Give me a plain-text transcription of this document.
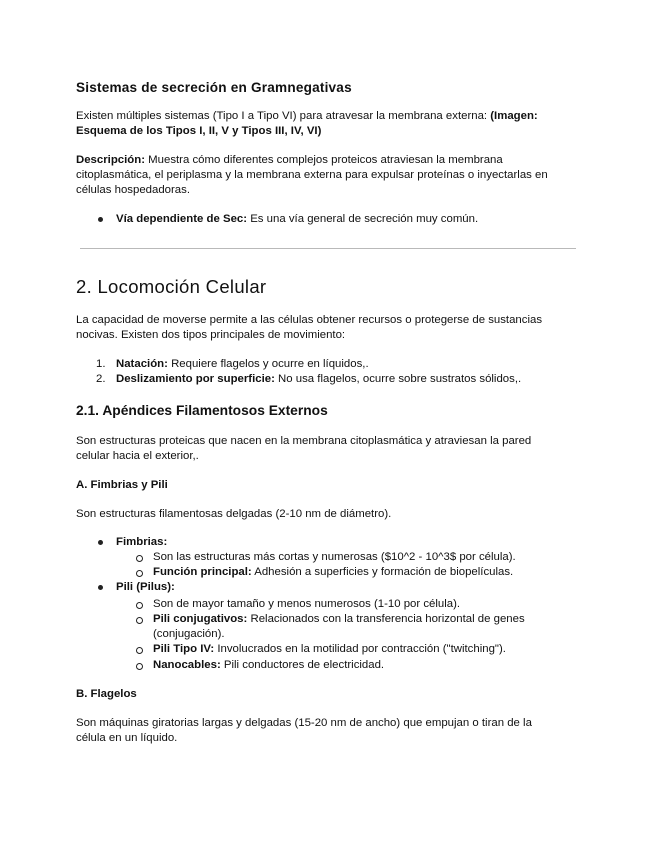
Sistemas de secreción en Gramnegativas

Existen múltiples sistemas (Tipo I a Tipo VI) para atravesar la membrana externa: (Imagen:

Esquema de los Tipos I, II, V y Tipos III, IV, VI)

Descripción: Muestra cómo diferentes complejos proteicos atraviesan la membrana

citoplasmática, el periplasma y la membrana externa para expulsar proteínas o inyectarlas en

células hospedadoras.

Vía dependiente de Sec: Es una vía general de secreción muy común.

2. Locomoción Celular

La capacidad de moverse permite a las células obtener recursos o protegerse de sustancias

nocivas. Existen dos tipos principales de movimiento:

1. Natación: Requiere flagelos y ocurre en líquidos,.

2. Deslizamiento por superficie: No usa flagelos, ocurre sobre sustratos sólidos,.

2.1. Apéndices Filamentosos Externos

Son estructuras proteicas que nacen en la membrana citoplasmática y atraviesan la pared

celular hacia el exterior,.

A. Fimbrias y Pili

Son estructuras filamentosas delgadas (2-10 nm de diámetro).

Fimbrias:

Son las estructuras más cortas y numerosas ($10^2 - 10^3$ por célula).

Función principal: Adhesión a superficies y formación de biopelículas.

Pili (Pilus):

Son de mayor tamaño y menos numerosos (1-10 por célula).

Pili conjugativos: Relacionados con la transferencia horizontal de genes

(conjugación).

Pili Tipo IV: Involucrados en la motilidad por contracción ("twitching").

Nanocables: Pili conductores de electricidad.

B. Flagelos

Son máquinas giratorias largas y delgadas (15-20 nm de ancho) que empujan o tiran de la

célula en un líquido.
